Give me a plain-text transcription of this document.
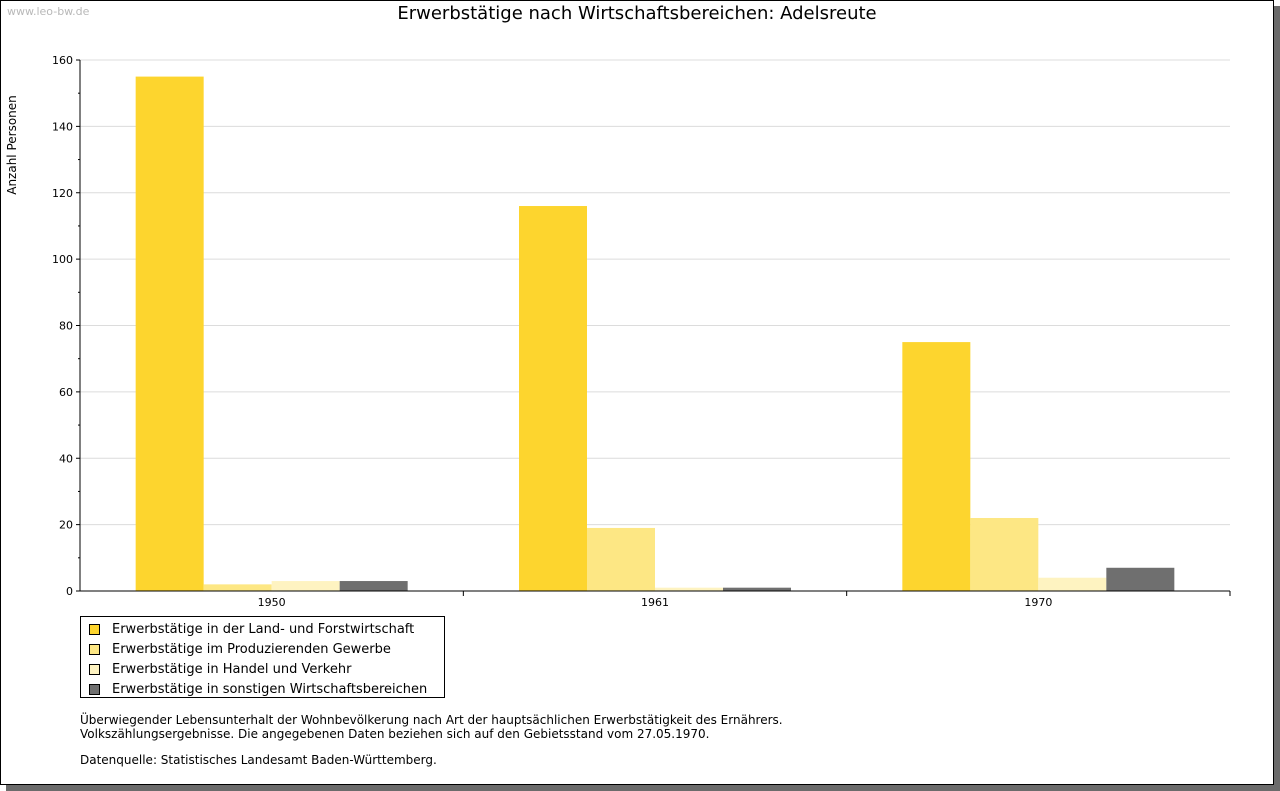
www.leo-bw.de	Erwerbstätige nach Wirtschaftsbereichen: Adelsreute
0
20
40
60
80
100
120
140
160
1950	1961	1970
Anzahl Personen
Erwerbstätige in der Land- und Forstwirtschaft
Erwerbstätige im Produzierenden Gewerbe
Erwerbstätige in Handel und Verkehr
Erwerbstätige in sonstigen Wirtschaftsbereichen
Überwiegender Lebensunterhalt der Wohnbevölkerung nach Art der hauptsächlichen Erwerbstätigkeit des Ernährers.
Volkszählungsergebnisse. Die angegebenen Daten beziehen sich auf den Gebietsstand vom 27.05.1970.
Datenquelle: Statistisches Landesamt Baden-Württemberg.
